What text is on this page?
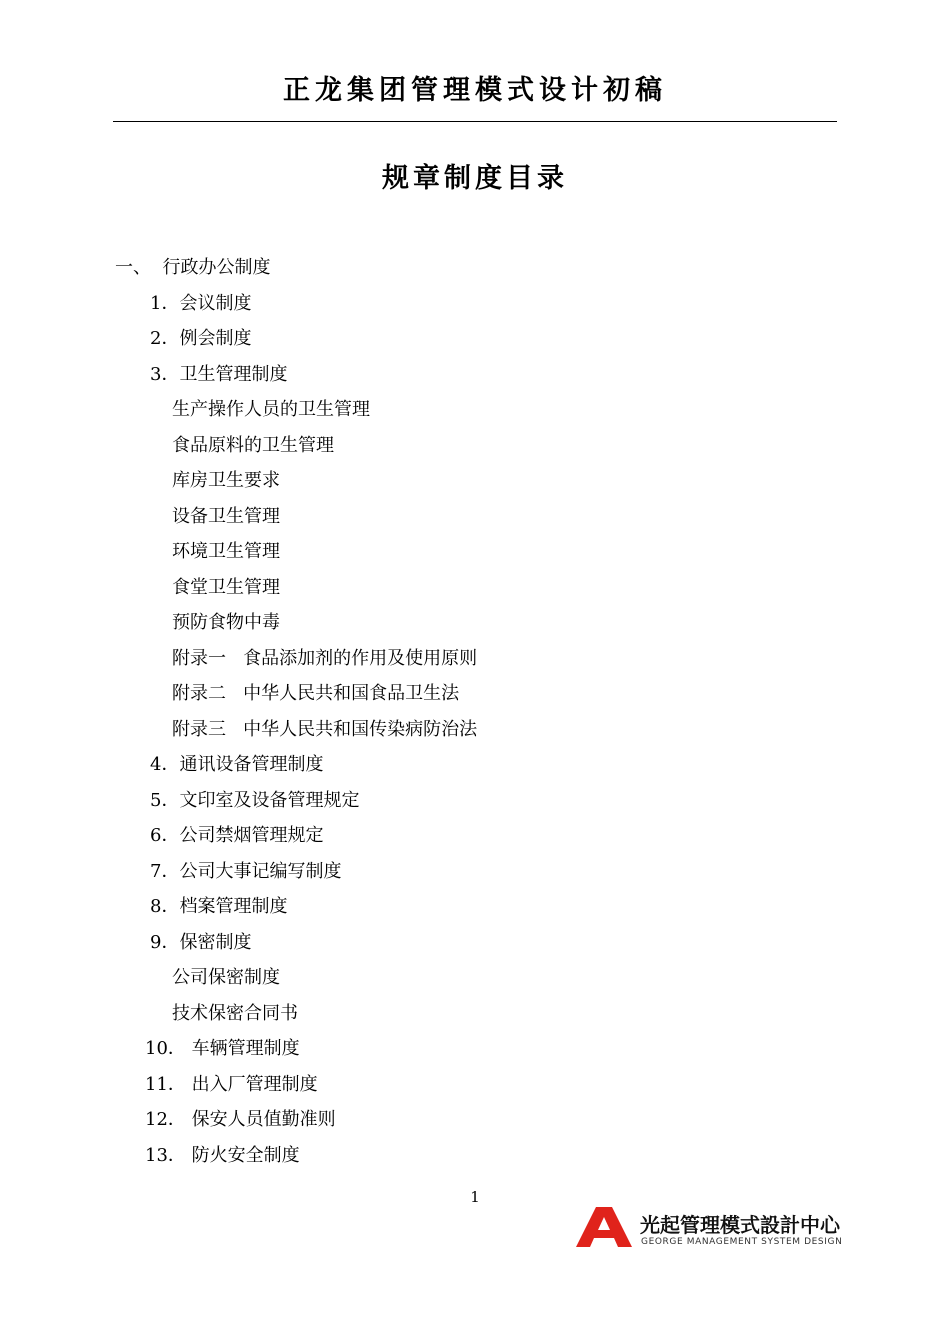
正龙集团管理模式设计初稿
规章制度目录
一、  行政办公制度
1．会议制度
2．例会制度
3．卫生管理制度
生产操作人员的卫生管理
食品原料的卫生管理
库房卫生要求
设备卫生管理
环境卫生管理
食堂卫生管理
预防食物中毒
附录一   食品添加剂的作用及使用原则
附录二   中华人民共和国食品卫生法
附录三   中华人民共和国传染病防治法
4．通讯设备管理制度
5．文印室及设备管理规定
6．公司禁烟管理规定
7．公司大事记编写制度
8．档案管理制度
9．保密制度
公司保密制度
技术保密合同书
10． 车辆管理制度
11． 出入厂管理制度
12． 保安人员值勤准则
13． 防火安全制度
1
光起管理模式設計中心
GEORGE MANAGEMENT SYSTEM DESIGN
